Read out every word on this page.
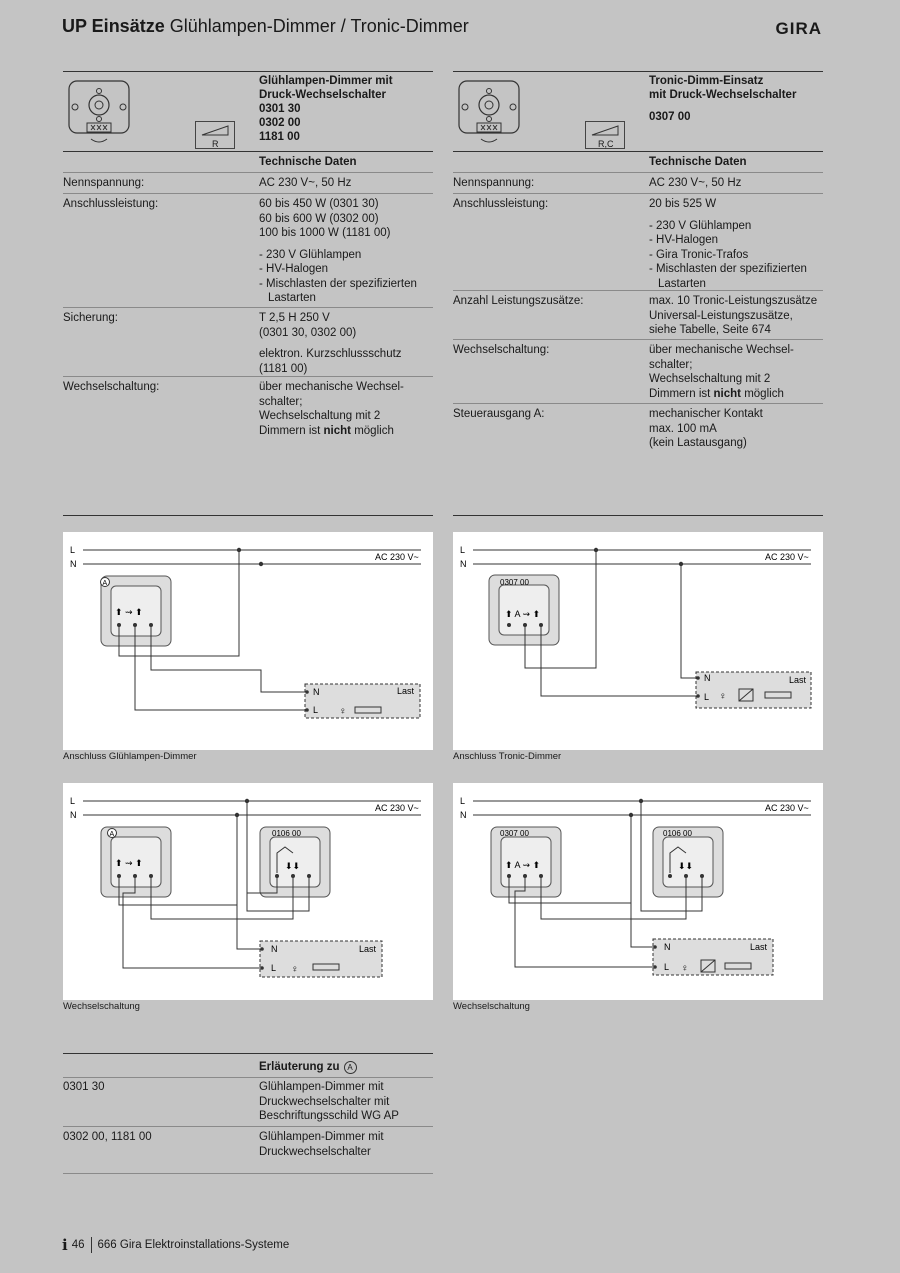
UP Einsätze Glühlampen-Dimmer / Tronic-Dimmer	GIRA
R
Glühlampen-Dimmer mit
Druck-Wechselschalter
0301 30
0302 00
1181 00
Technische Daten
Nennspannung:	AC 230 V~, 50 Hz

Anschlussleistung:	60 bis 450 W (0301 30)

60 bis 600 W (0302 00)

100 bis 1000 W (1181 00)

- 230 V Glühlampen

- HV-Halogen

- Mischlasten der spezifizierten Lastarten

Sicherung:	T 2,5 H 250 V

(0301 30, 0302 00)

elektron. Kurzschlussschutz

(1181 00)

Wechselschaltung:	über mechanische Wechsel-

schalter;

Wechselschaltung mit 2

Dimmern ist nicht möglich

R,C
Tronic-Dimm-Einsatz
mit Druck-Wechselschalter
0307 00
Technische Daten
Nennspannung:	AC 230 V~, 50 Hz

Anschlussleistung:	20 bis 525 W

- 230 V Glühlampen

- HV-Halogen

- Gira Tronic-Trafos

- Mischlasten der spezifizierten Lastarten

Anzahl Leistungszusätze:	max. 10 Tronic-Leistungszusätze

Universal-Leistungszusätze,

siehe Tabelle, Seite 674

Wechselschaltung:	über mechanische Wechsel-

schalter;

Wechselschaltung mit 2

Dimmern ist nicht möglich

Steuerausgang A:	mechanischer Kontakt

max. 100 mA

(kein Lastausgang)

L
N
AC 230 V~
A
⬆ ⇝ ⬆
N
L
Last
♀
Anschluss Glühlampen-Dimmer
L
N
AC 230 V~
0307 00
⬆ A ⇝ ⬆
N
L
Last
♀
Anschluss Tronic-Dimmer
L
N
AC 230 V~
A
⬆ ⇝ ⬆
0106 00
⬇⬇
N
L
Last
♀
Wechselschaltung
L
N
AC 230 V~
0307 00
⬆ A ⇝ ⬆
0106 00
⬇⬇
N
L
Last
♀
Wechselschaltung
Erläuterung zu A
0301 30	Glühlampen-Dimmer mit

Druckwechselschalter mit

Beschriftungsschild WG AP

0302 00, 1181 00	Glühlampen-Dimmer mit

Druckwechselschalter

i 46 666 Gira Elektroinstallations-Systeme
